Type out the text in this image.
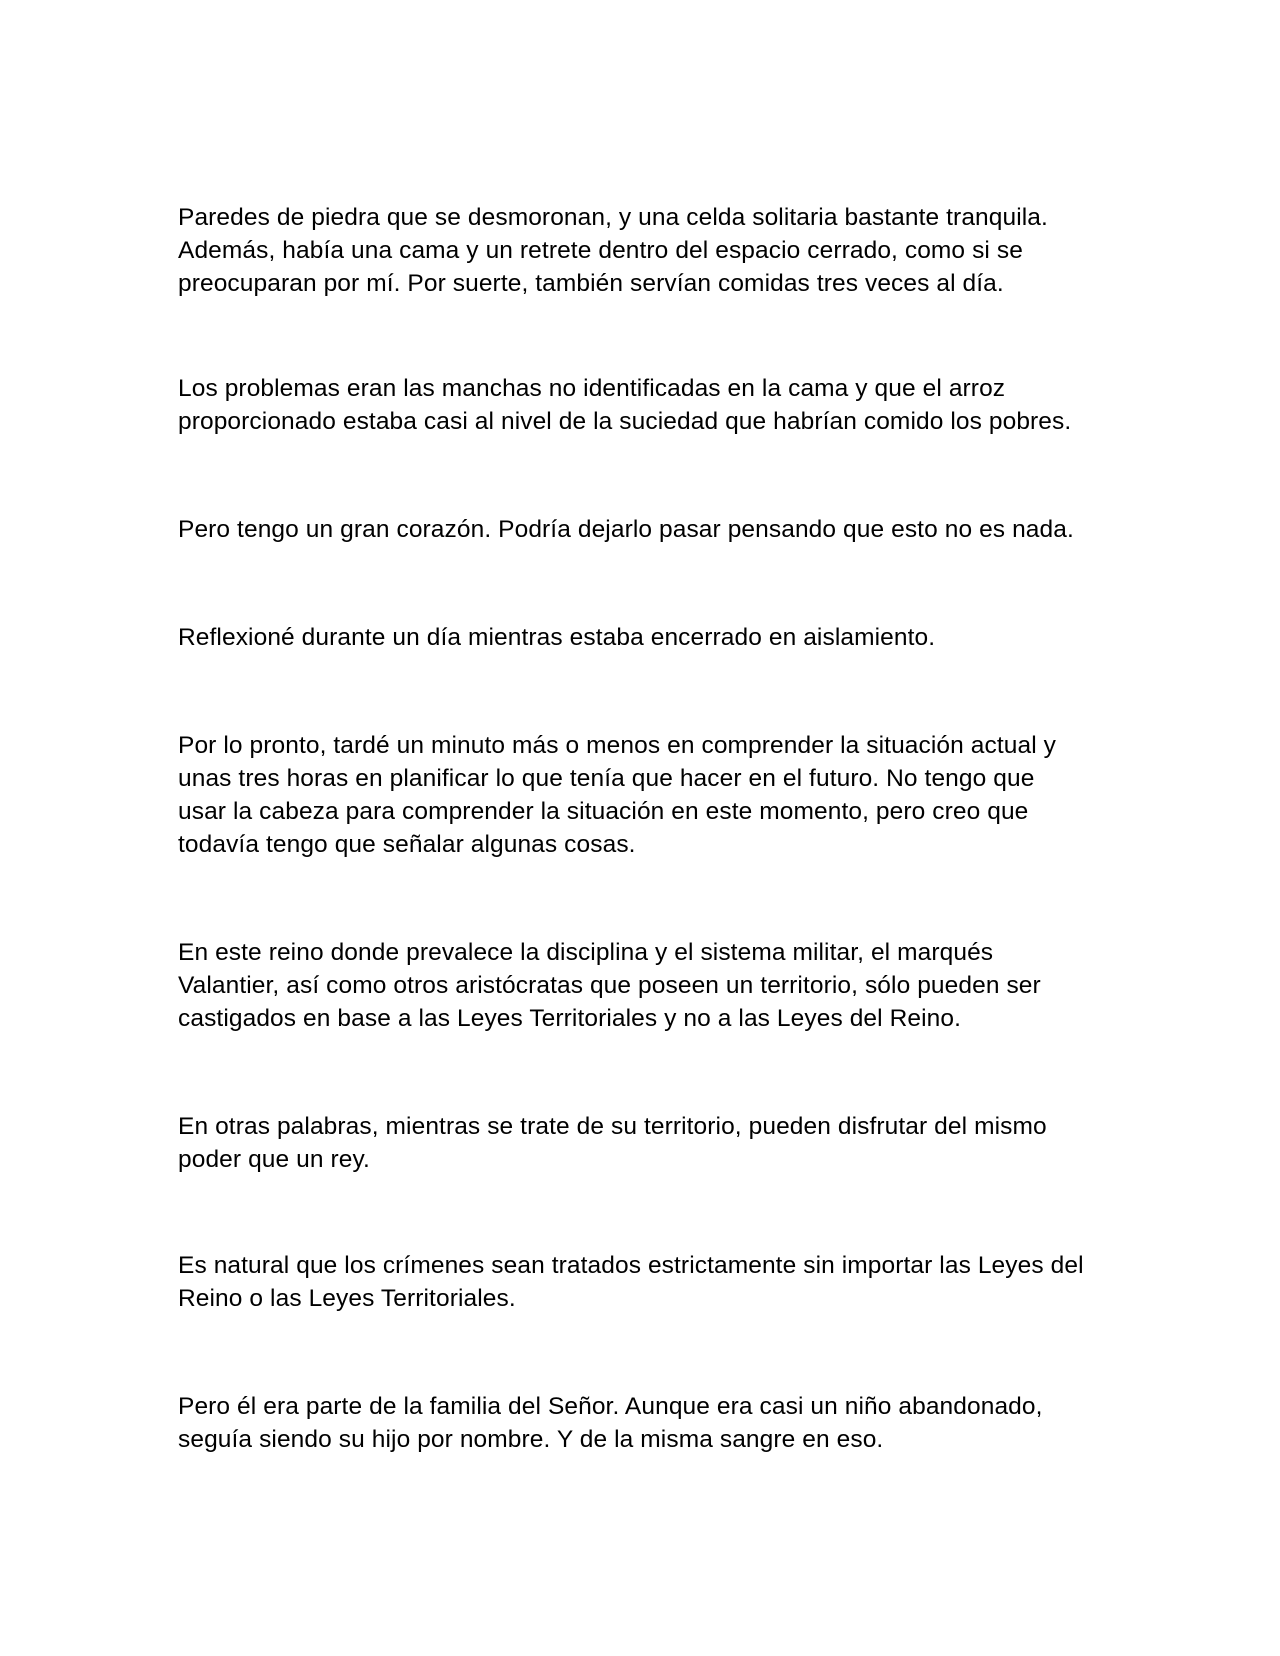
Paredes de piedra que se desmoronan, y una celda solitaria bastante tranquila.
Además, había una cama y un retrete dentro del espacio cerrado, como si se
preocuparan por mí. Por suerte, también servían comidas tres veces al día.

Los problemas eran las manchas no identificadas en la cama y que el arroz
proporcionado estaba casi al nivel de la suciedad que habrían comido los pobres.

Pero tengo un gran corazón. Podría dejarlo pasar pensando que esto no es nada.

Reflexioné durante un día mientras estaba encerrado en aislamiento.

Por lo pronto, tardé un minuto más o menos en comprender la situación actual y
unas tres horas en planificar lo que tenía que hacer en el futuro. No tengo que
usar la cabeza para comprender la situación en este momento, pero creo que
todavía tengo que señalar algunas cosas.

En este reino donde prevalece la disciplina y el sistema militar, el marqués
Valantier, así como otros aristócratas que poseen un territorio, sólo pueden ser
castigados en base a las Leyes Territoriales y no a las Leyes del Reino.

En otras palabras, mientras se trate de su territorio, pueden disfrutar del mismo
poder que un rey.

Es natural que los crímenes sean tratados estrictamente sin importar las Leyes del
Reino o las Leyes Territoriales.

Pero él era parte de la familia del Señor. Aunque era casi un niño abandonado,
seguía siendo su hijo por nombre. Y de la misma sangre en eso.
